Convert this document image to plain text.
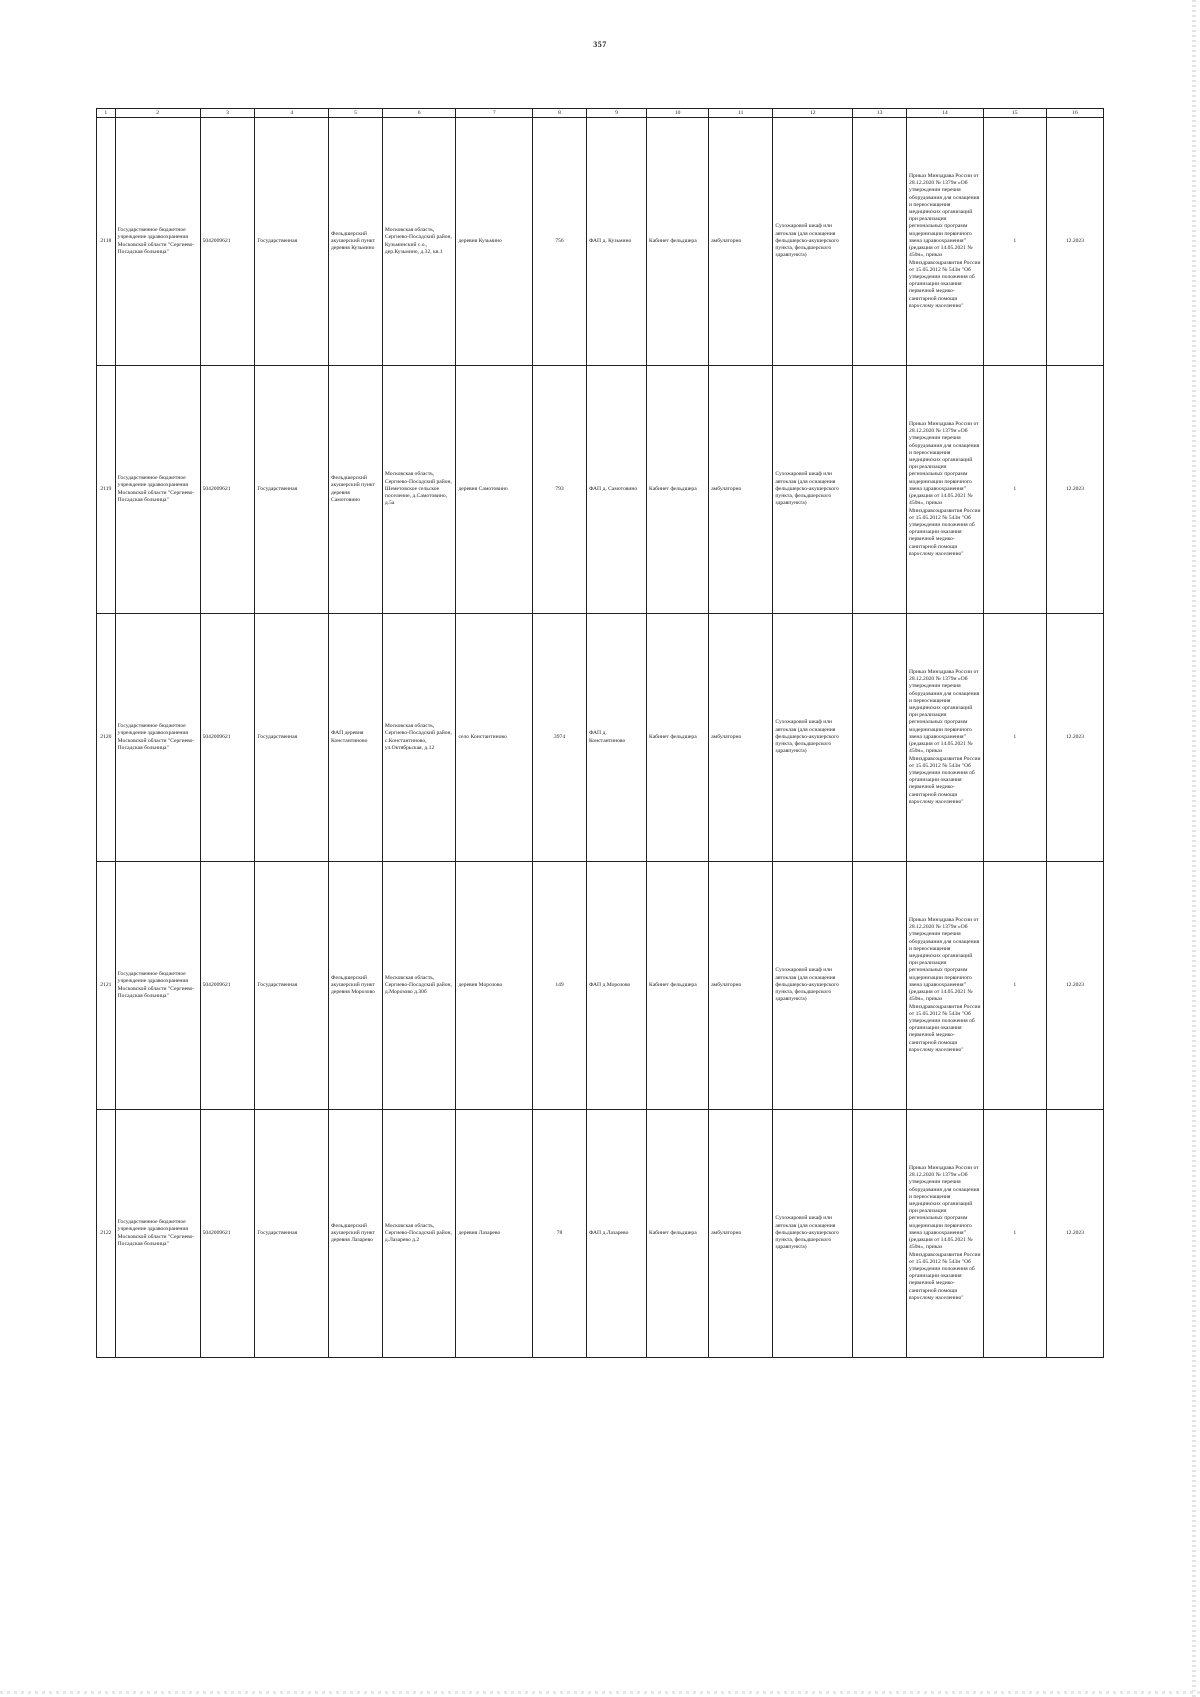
357
1	2	3	4	5	6	7	8	9	10	11	12	13	14	15	16
2118	Государственное бюджетное учреждение здравоохранения Московской области "Сергиево-Посадская больница"	5042009621	Государственная	Фельдшерский акушерский пункт деревня Кузьмино	Московская область, Сергиево-Посадский район, Кузьминский с.о., дер.Кузьмино, д.32, кв.1	деревня Кузьмино	756	ФАП д. Кузьмино	Кабинет фельдшера	амбулаторно	Сухожаровой шкаф или автоклав (для оснащения фельдшерско-акушерского пункта, фельдшерского здравпункта)		Приказ Минздрава России от 28.12.2020 № 1379н «Об утверждении перечня оборудования для оснащения и переоснащения медицинских организаций при реализации региональных программ модернизации первичного звена здравоохранения"(редакция от 14.05.2021 № 450н», приказ Минздравсоцразвития России от 15.05.2012 № 543н "Об утверждении положения об организации оказания первичной медико-санитарной помощи взрослому населению"	1	12.2023
2119	Государственное бюджетное учреждение здравоохранения Московской области "Сергиево-Посадская больница"	5042009621	Государственная	Фельдшерский акушерский пункт деревня Самотовино	Московская область, Сергиево-Посадский район, Шеметовское сельское поселение, д.Самотовино, д.5а	деревня Самотовино	793	ФАП д. Самотовино	Кабинет фельдшера	амбулаторно	Сухожаровой шкаф или автоклав (для оснащения фельдшерско-акушерского пункта, фельдшерского здравпункта)		Приказ Минздрава России от 28.12.2020 № 1379н «Об утверждении перечня оборудования для оснащения и переоснащения медицинских организаций при реализации региональных программ модернизации первичного звена здравоохранения"(редакция от 14.05.2021 № 450н», приказ Минздравсоцразвития России от 15.05.2012 № 543н "Об утверждении положения об организации оказания первичной медико-санитарной помощи взрослому населению"	1	12.2023
2120	Государственное бюджетное учреждение здравоохранения Московской области "Сергиево-Посадская больница"	5042009621	Государственная	ФАП деревня Константиново	Московская область, Сергиево-Посадский район, с.Константиново, ул.Октябрьская, д.12	село Константиново	3974	ФАП д. Константиново	Кабинет фельдшера	амбулаторно	Сухожаровой шкаф или автоклав (для оснащения фельдшерско-акушерского пункта, фельдшерского здравпункта)		Приказ Минздрава России от 28.12.2020 № 1379н «Об утверждении перечня оборудования для оснащения и переоснащения медицинских организаций при реализации региональных программ модернизации первичного звена здравоохранения"(редакция от 14.05.2021 № 450н», приказ Минздравсоцразвития России от 15.05.2012 № 543н "Об утверждении положения об организации оказания первичной медико-санитарной помощи взрослому населению"	1	12.2023
2121	Государственное бюджетное учреждение здравоохранения Московской области "Сергиево-Посадская больница"	5042009621	Государственная	Фельдшерский акушерский пункт деревня Морозово	Московская область, Сергиево-Посадский район, д.Морозово д.30б	деревня Морозово	149	ФАП д.Морозово	Кабинет фельдшера	амбулаторно	Сухожаровой шкаф или автоклав (для оснащения фельдшерско-акушерского пункта, фельдшерского здравпункта)		Приказ Минздрава России от 28.12.2020 № 1379н «Об утверждении перечня оборудования для оснащения и переоснащения медицинских организаций при реализации региональных программ модернизации первичного звена здравоохранения"(редакция от 14.05.2021 № 450н», приказ Минздравсоцразвития России от 15.05.2012 № 543н "Об утверждении положения об организации оказания первичной медико-санитарной помощи взрослому населению"	1	12.2023
2122	Государственное бюджетное учреждение здравоохранения Московской области "Сергиево-Посадская больница"	5042009621	Государственная	Фельдшерский акушерский пункт деревня Лазарево	Московская область, Сергиево-Посадский район, д.Лазарево д.2	деревня Лазарево	78	ФАП д.Лазарево	Кабинет фельдшера	амбулаторно	Сухожаровой шкаф или автоклав (для оснащения фельдшерско-акушерского пункта, фельдшерского здравпункта)		Приказ Минздрава России от 28.12.2020 № 1379н «Об утверждении перечня оборудования для оснащения и переоснащения медицинских организаций при реализации региональных программ модернизации первичного звена здравоохранения"(редакция от 14.05.2021 № 450н», приказ Минздравсоцразвития России от 15.05.2012 № 543н "Об утверждении положения об организации оказания первичной медико-санитарной помощи взрослому населению"	1	12.2023
